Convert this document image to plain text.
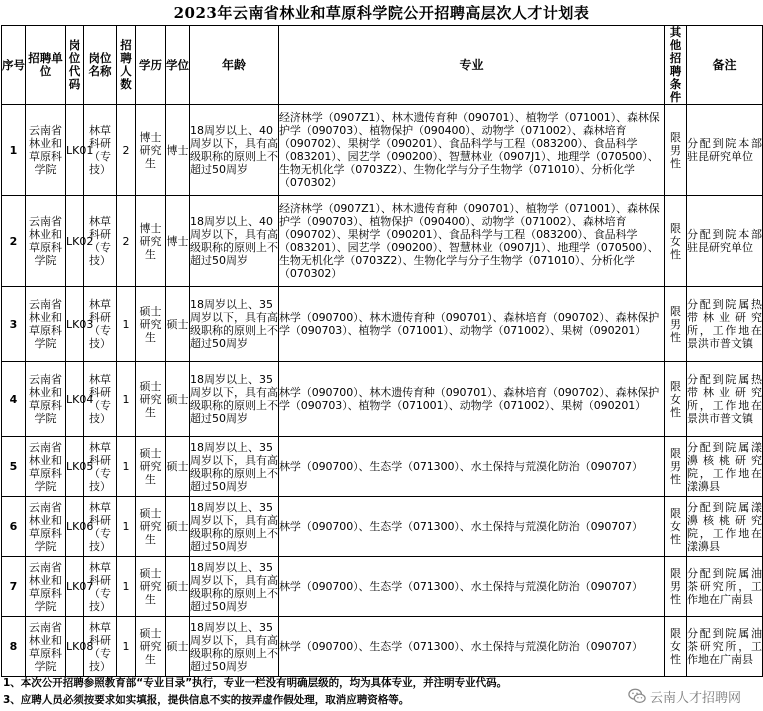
2023年云南省林业和草原科学院公开招聘高层次人才计划表
序号	招聘单位	岗位代码	岗位名称	招聘人数	学历	学位	年龄	专业	其他招聘条件	备注
1	云南省林业和草原科学院	LK01	林草科研（专技）	2	博士研究生	博士	18周岁以上、40周岁以下，具有高级职称的原则上不超过50周岁	经济林学（0907Z1）、林木遗传育种（090701）、植物学（071001）、森林保护学（090703）、植物保护（090400）、动物学（071002）、森林培育（090702）、果树学（090201）、食品科学与工程（083200）、食品科学（083201）、园艺学（090200）、智慧林业（0907J1）、地理学（070500）、生物无机化学（0703Z2）、生物化学与分子生物学（071010）、分析化学（070302）	限男性	分配到院本部驻昆研究单位
2	云南省林业和草原科学院	LK02	林草科研（专技）	2	博士研究生	博士	18周岁以上、40周岁以下，具有高级职称的原则上不超过50周岁	经济林学（0907Z1）、林木遗传育种（090701）、植物学（071001）、森林保护学（090703）、植物保护（090400）、动物学（071002）、森林培育（090702）、果树学（090201）、食品科学与工程（083200）、食品科学（083201）、园艺学（090200）、智慧林业（0907J1）、地理学（070500）、生物无机化学（0703Z2）、生物化学与分子生物学（071010）、分析化学（070302）	限女性	分配到院本部驻昆研究单位
3	云南省林业和草原科学院	LK03	林草科研（专技）	1	硕士研究生	硕士	18周岁以上、35周岁以下，具有高级职称的原则上不超过50周岁	林学（090700）、林木遗传育种（090701）、森林培育（090702）、森林保护学（090703）、植物学（071001）、动物学（071002）、果树（090201）	限男性	分配到院属热带林业研究所，工作地在景洪市普文镇
4	云南省林业和草原科学院	LK04	林草科研（专技）	1	硕士研究生	硕士	18周岁以上、35周岁以下，具有高级职称的原则上不超过50周岁	林学（090700）、林木遗传育种（090701）、森林培育（090702）、森林保护学（090703）、植物学（071001）、动物学（071002）、果树（090201）	限女性	分配到院属热带林业研究所，工作地在景洪市普文镇
5	云南省林业和草原科学院	LK05	林草科研（专技）	1	硕士研究生	硕士	18周岁以上、35周岁以下，具有高级职称的原则上不超过50周岁	林学（090700）、生态学（071300）、水土保持与荒漠化防治（090707）	限男性	分配到院属漾濞核桃研究院，工作地在漾濞县
6	云南省林业和草原科学院	LK06	林草科研（专技）	1	硕士研究生	硕士	18周岁以上、35周岁以下，具有高级职称的原则上不超过50周岁	林学（090700）、生态学（071300）、水土保持与荒漠化防治（090707）	限女性	分配到院属漾濞核桃研究院，工作地在漾濞县
7	云南省林业和草原科学院	LK07	林草科研（专技）	1	硕士研究生	硕士	18周岁以上、35周岁以下，具有高级职称的原则上不超过50周岁	林学（090700）、生态学（071300）、水土保持与荒漠化防治（090707）	限男性	分配到院属油茶研究所，工作地在广南县
8	云南省林业和草原科学院	LK08	林草科研（专技）	1	硕士研究生	硕士	18周岁以上、35周岁以下，具有高级职称的原则上不超过50周岁	林学（090700）、生态学（071300）、水土保持与荒漠化防治（090707）	限女性	分配到院属油茶研究所，工作地在广南县
1、本次公开招聘参照教育部“专业目录”执行，专业一栏没有明确层级的，均为具体专业，并注明专业代码。
3、应聘人员必须按要求如实填报，提供信息不实的按弄虚作假处理，取消应聘资格等。	云南人才招聘网
